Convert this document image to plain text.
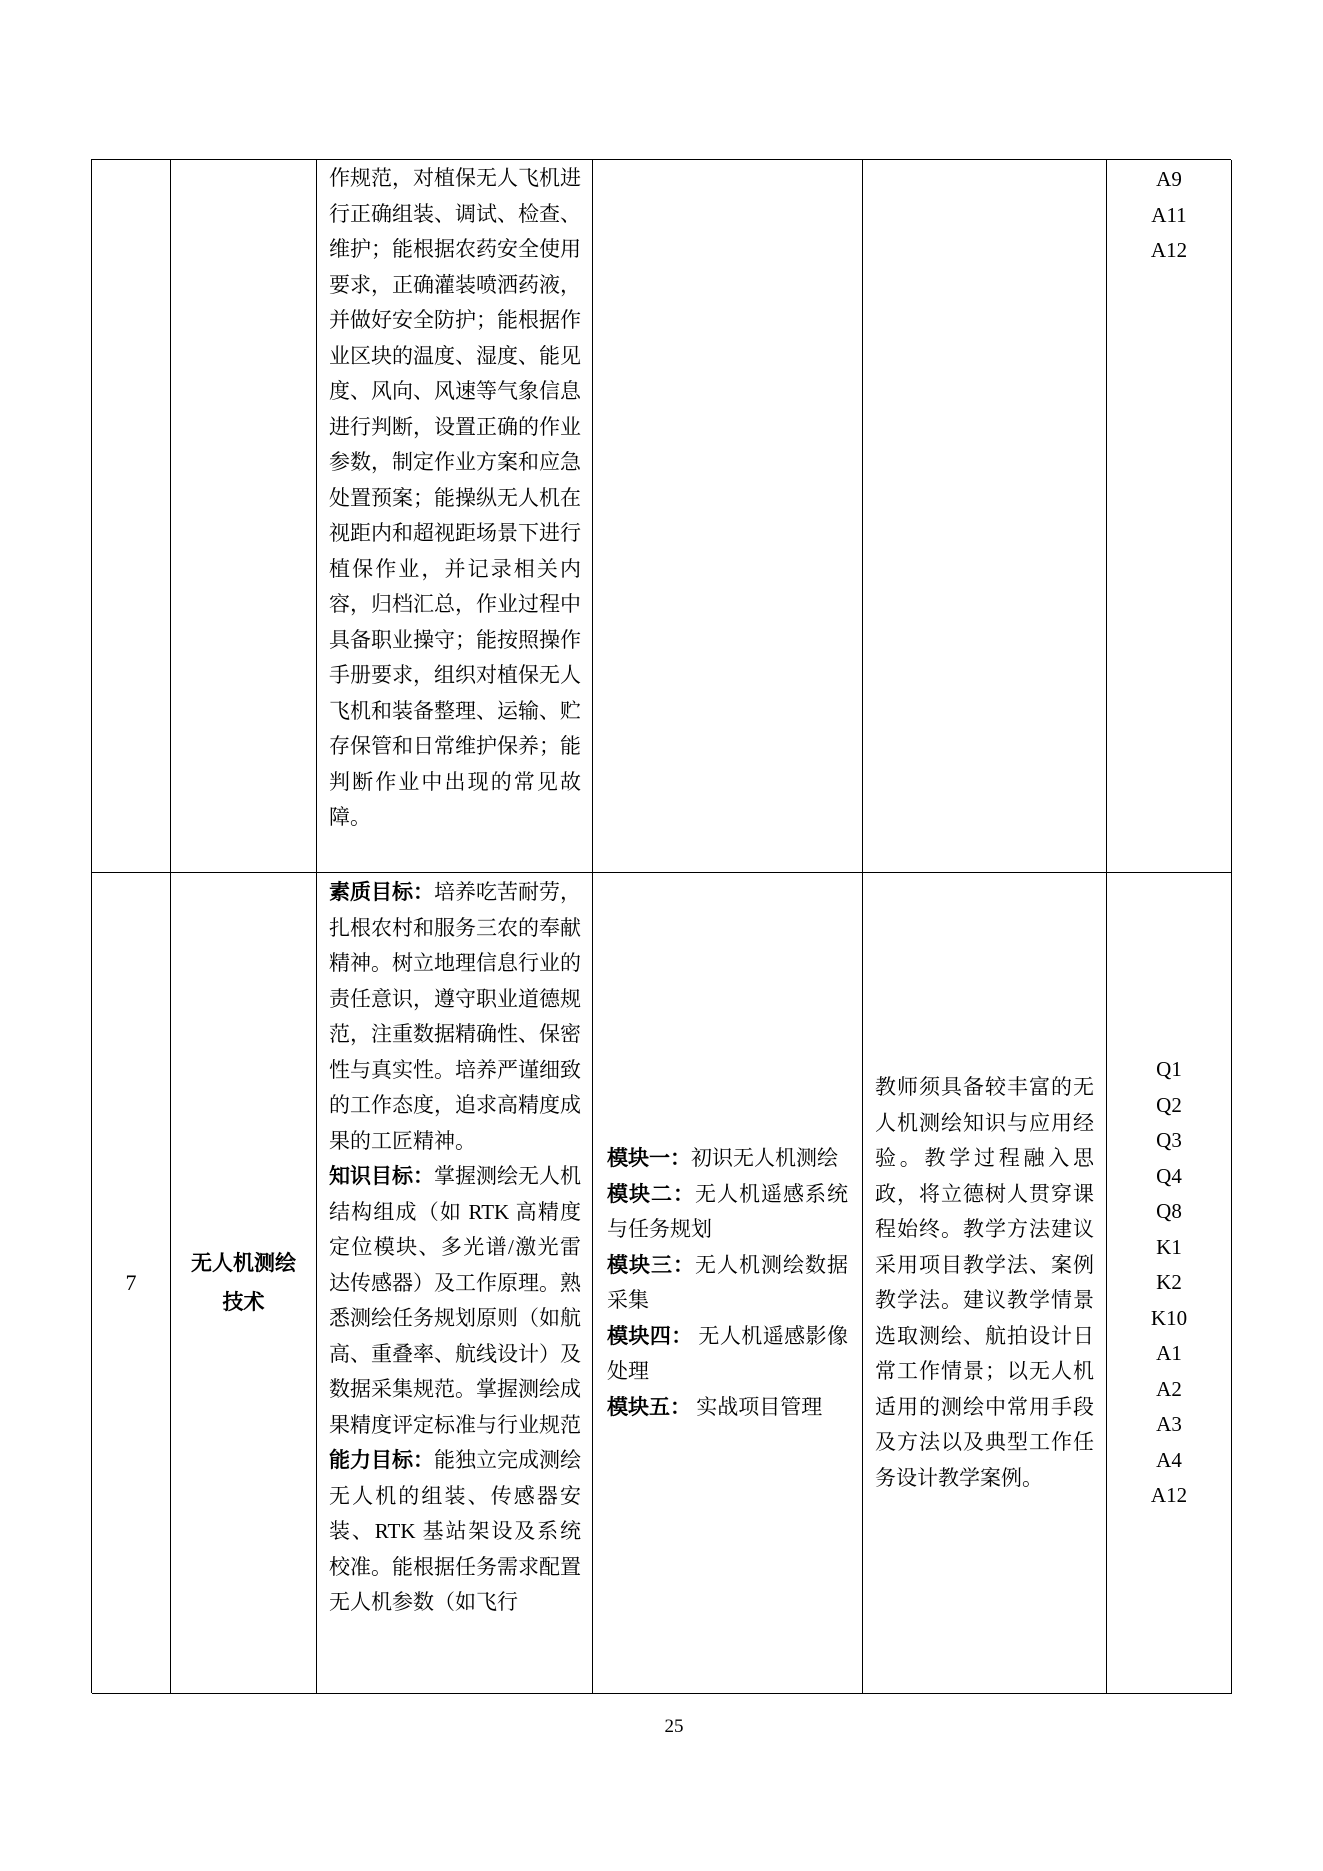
作规范，对植保无人飞机进行正确组装、调试、检查、维护；能根据农药安全使用要求，正确灌装喷洒药液，并做好安全防护；能根据作业区块的温度、湿度、能见度、风向、风速等气象信息进行判断，设置正确的作业参数，制定作业方案和应急处置预案；能操纵无人机在视距内和超视距场景下进行植保作业，并记录相关内容，归档汇总，作业过程中具备职业操守；能按照操作手册要求，组织对植保无人飞机和装备整理、运输、贮存保管和日常维护保养；能判断作业中出现的常见故障。
A9
A11
A12
7
无人机测绘
技术

素质目标：培养吃苦耐劳，扎根农村和服务三农的奉献精神。树立地理信息行业的责任意识，遵守职业道德规范，注重数据精确性、保密性与真实性。培养严谨细致的工作态度，追求高精度成果的工匠精神。

知识目标：掌握测绘无人机结构组成（如 RTK 高精度定位模块、多光谱/激光雷达传感器）及工作原理。熟悉测绘任务规划原则（如航高、重叠率、航线设计）及数据采集规范。掌握测绘成果精度评定标准与行业规范

能力目标：能独立完成测绘无人机的组装、传感器安装、RTK 基站架设及系统校准。能根据任务需求配置无人机参数（如飞行

模块一：初识无人机测绘

模块二：无人机遥感系统与任务规划

模块三：无人机测绘数据采集

模块四： 无人机遥感影像处理

模块五： 实战项目管理

教师须具备较丰富的无人机测绘知识与应用经验。教学过程融入思政，将立德树人贯穿课程始终。教学方法建议采用项目教学法、案例教学法。建议教学情景选取测绘、航拍设计日常工作情景；以无人机适用的测绘中常用手段及方法以及典型工作任务设计教学案例。

Q1
Q2
Q3
Q4
Q8
K1
K2
K10
A1
A2
A3
A4
A12
25
